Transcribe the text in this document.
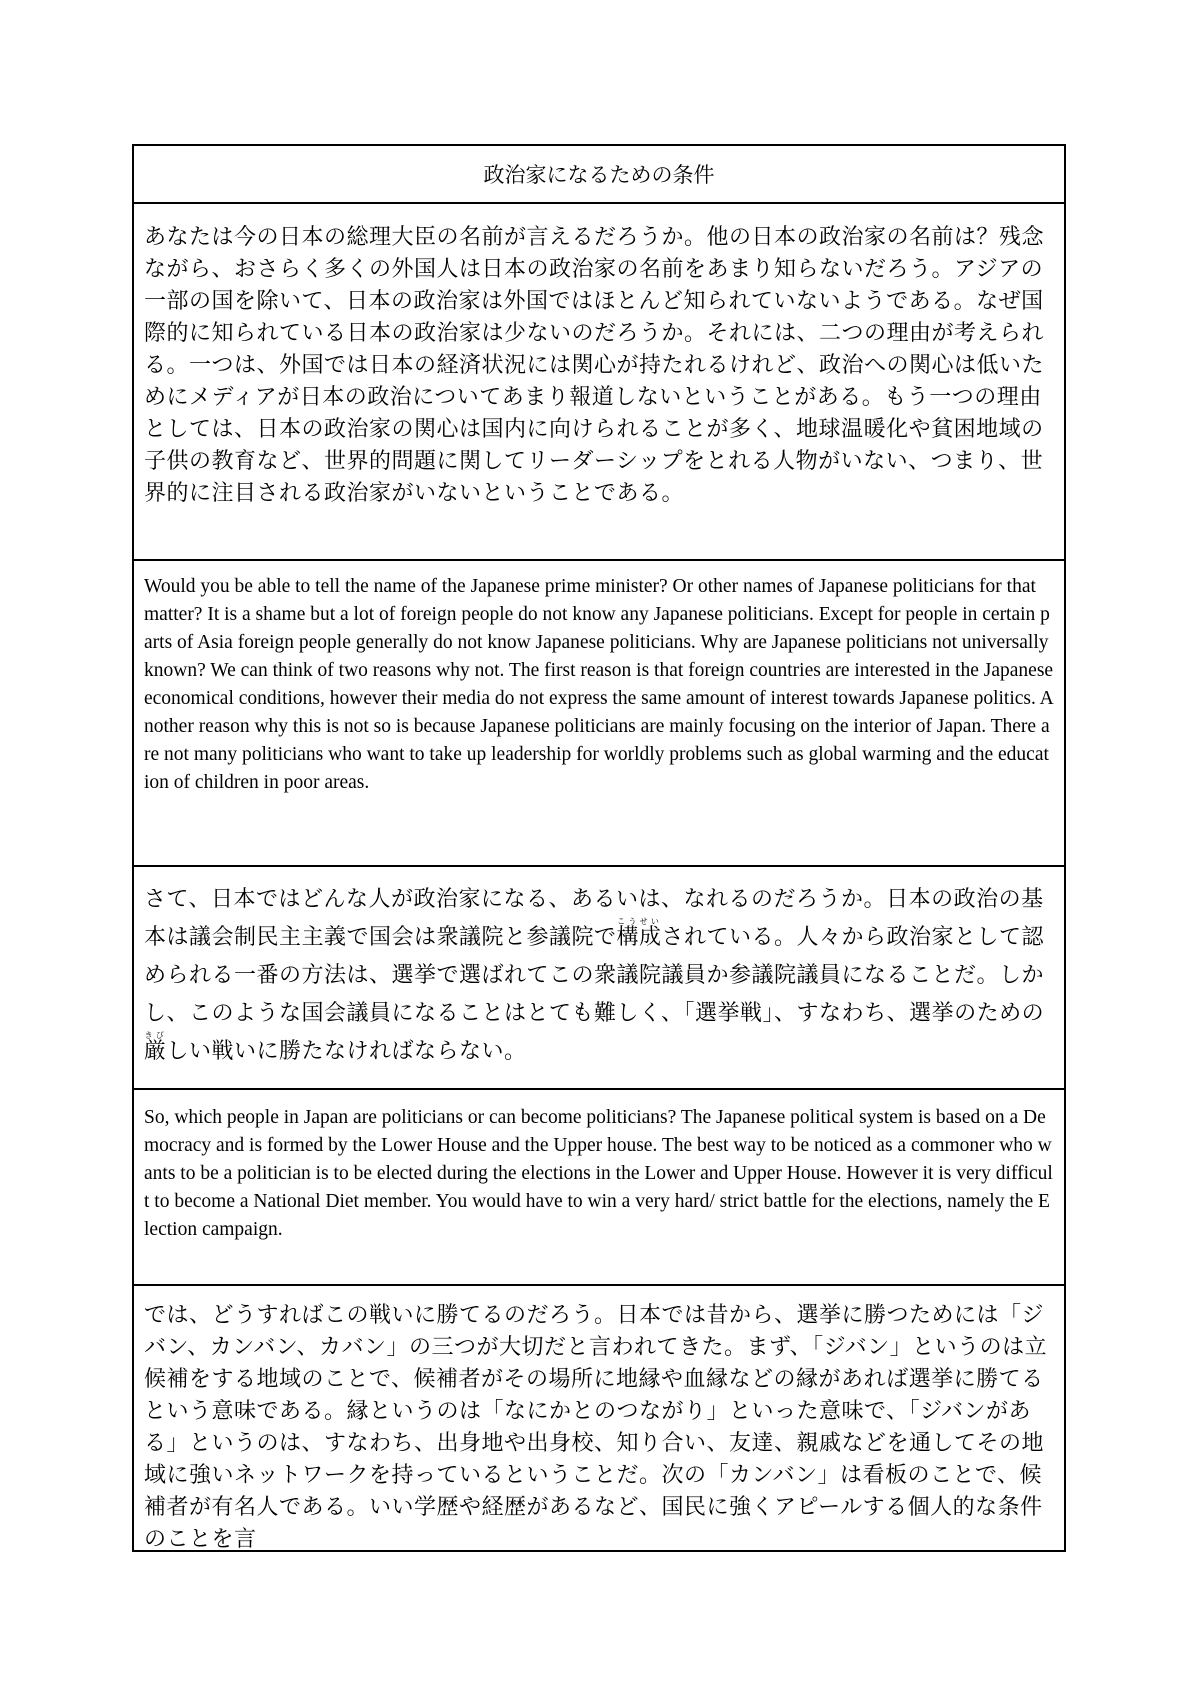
政治家になるための条件

あなたは今の日本の総理大臣の名前が言えるだろうか。他の日本の政治家の名前は？残念ながら、おさらく多くの外国人は日本の政治家の名前をあまり知らないだろう。アジアの一部の国を除いて、日本の政治家は外国ではほとんど知られていないようである。なぜ国際的に知られている日本の政治家は少ないのだろうか。それには、二つの理由が考えられる。一つは、外国では日本の経済状況には関心が持たれるけれど、政治への関心は低いためにメディアが日本の政治についてあまり報道しないということがある。もう一つの理由としては、日本の政治家の関心は国内に向けられることが多く、地球温暖化や貧困地域の子供の教育など、世界的問題に関してリーダーシップをとれる人物がいない、つまり、世界的に注目される政治家がいないということである。

Would you be able to tell the name of the Japanese prime minister? Or other names of Japanese politicians for that matter? It is a shame but a lot of foreign people do not know any Japanese politicians. Except for people in certain parts of Asia foreign people generally do not know Japanese politicians. Why are Japanese politicians not universally known? We can think of two reasons why not. The first reason is that foreign countries are interested in the Japanese economical conditions, however their media do not express the same amount of interest towards Japanese politics. Another reason why this is not so is because Japanese politicians are mainly focusing on the interior of Japan. There are not many politicians who want to take up leadership for worldly problems such as global warming and the education of children in poor areas.

さて、日本ではどんな人が政治家になる、あるいは、なれるのだろうか。日本の政治の基本は議会制民主主義で国会は衆議院と参議院で構成こうせいされている。人々から政治家として認められる一番の方法は、選挙で選ばれてこの衆議院議員か参議院議員になることだ。しかし、このような国会議員になることはとても難しく、「選挙戦」、すなわち、選挙のための厳きびしい戦いに勝たなければならない。

So, which people in Japan are politicians or can become politicians? The Japanese political system is based on a Democracy and is formed by the Lower House and the Upper house. The best way to be noticed as a commoner who wants to be a politician is to be elected during the elections in the Lower and Upper House. However it is very difficult to become a National Diet member. You would have to win a very hard/ strict battle for the elections, namely the Election campaign.

では、どうすればこの戦いに勝てるのだろう。日本では昔から、選挙に勝つためには「ジバン、カンバン、カバン」の三つが大切だと言われてきた。まず、「ジバン」というのは立候補をする地域のことで、候補者がその場所に地縁や血縁などの縁があれば選挙に勝てるという意味である。縁というのは「なにかとのつながり」といった意味で、「ジバンがある」というのは、すなわち、出身地や出身校、知り合い、友達、親戚などを通してその地域に強いネットワークを持っているということだ。次の「カンバン」は看板のことで、候補者が有名人である。いい学歴や経歴があるなど、国民に強くアピールする個人的な条件のことを言
